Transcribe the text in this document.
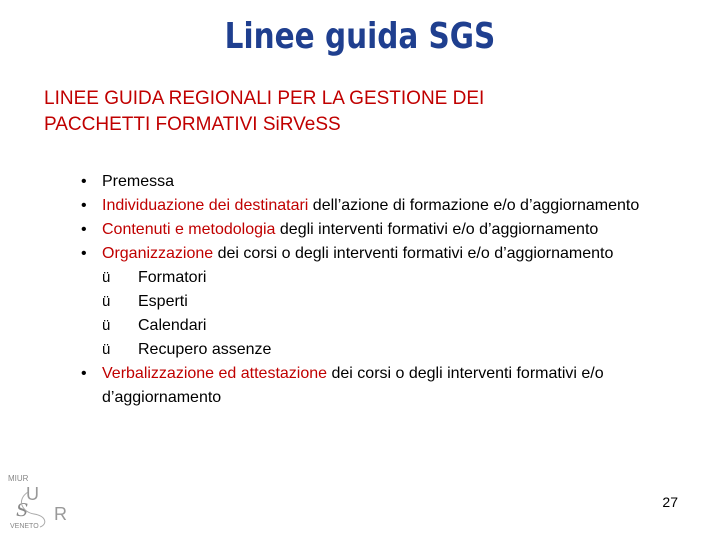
Linee guida SGS
LINEE GUIDA REGIONALI PER LA GESTIONE DEI
PACCHETTI FORMATIVI SiRVeSS
• Premessa
• Individuazione dei destinatari dell’azione di formazione e/o d’aggiornamento
• Contenuti e metodologia degli interventi formativi e/o d’aggiornamento
• Organizzazione dei corsi o degli interventi formativi e/o d’aggiornamento
ü Formatori
ü Esperti
ü Calendari
ü Recupero assenze
• Verbalizzazione ed attestazione dei corsi o degli interventi formativi e/o d’aggiornamento
MIUR
U
S R
VENETO
27
